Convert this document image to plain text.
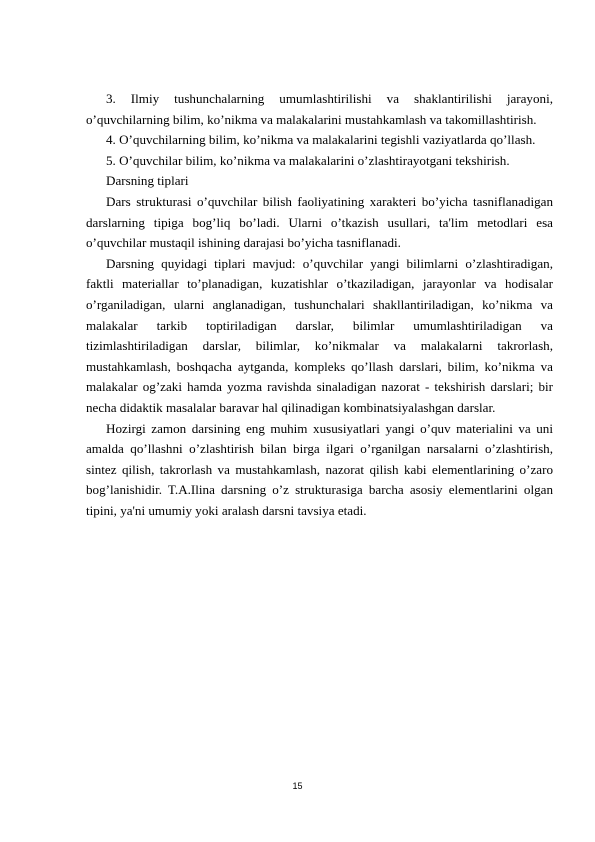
3. Ilmiy tushunchalarning umumlashtirilishi va shaklantirilishi jarayoni, o’quvchilarning bilim, ko’nikma va malakalarini mustahkamlash va takomillashtirish.

4. O’quvchilarning bilim, ko’nikma va malakalarini tegishli vaziyatlarda qo’llash.

5. O’quvchilar bilim, ko’nikma va malakalarini o’zlashtirayotgani tekshirish.

Darsning tiplari

Dars strukturasi o’quvchilar bilish faoliyatining xarakteri bo’yicha tasniflanadigan darslarning tipiga bog’liq bo’ladi. Ularni o’tkazish usullari, ta'lim metodlari esa o’quvchilar mustaqil ishining darajasi bo’yicha tasniflanadi.

Darsning quyidagi tiplari mavjud: o’quvchilar yangi bilimlarni o’zlashtiradigan, faktli materiallar to’planadigan, kuzatishlar o’tkaziladigan, jarayonlar va hodisalar o’rganiladigan, ularni anglanadigan, tushunchalari shakllantiriladigan, ko’nikma va malakalar tarkib toptiriladigan darslar, bilimlar umumlashtiriladigan va tizimlashtiriladigan darslar, bilimlar, ko’nikmalar va malakalarni takrorlash, mustahkamlash, boshqacha aytganda, kompleks qo’llash darslari, bilim, ko’nikma va malakalar og’zaki hamda yozma ravishda sinaladigan nazorat - tekshirish darslari; bir necha didaktik masalalar baravar hal qilinadigan kombinatsiyalashgan darslar.

Hozirgi zamon darsining eng muhim xususiyatlari yangi o’quv materialini va uni amalda qo’llashni o’zlashtirish bilan birga ilgari o’rganilgan narsalarni o’zlashtirish, sintez qilish, takrorlash va mustahkamlash, nazorat qilish kabi elementlarining o’zaro bog’lanishidir. T.A.Ilina darsning o’z strukturasiga barcha asosiy elementlarini olgan tipini, ya'ni umumiy yoki aralash darsni tavsiya etadi.

15
